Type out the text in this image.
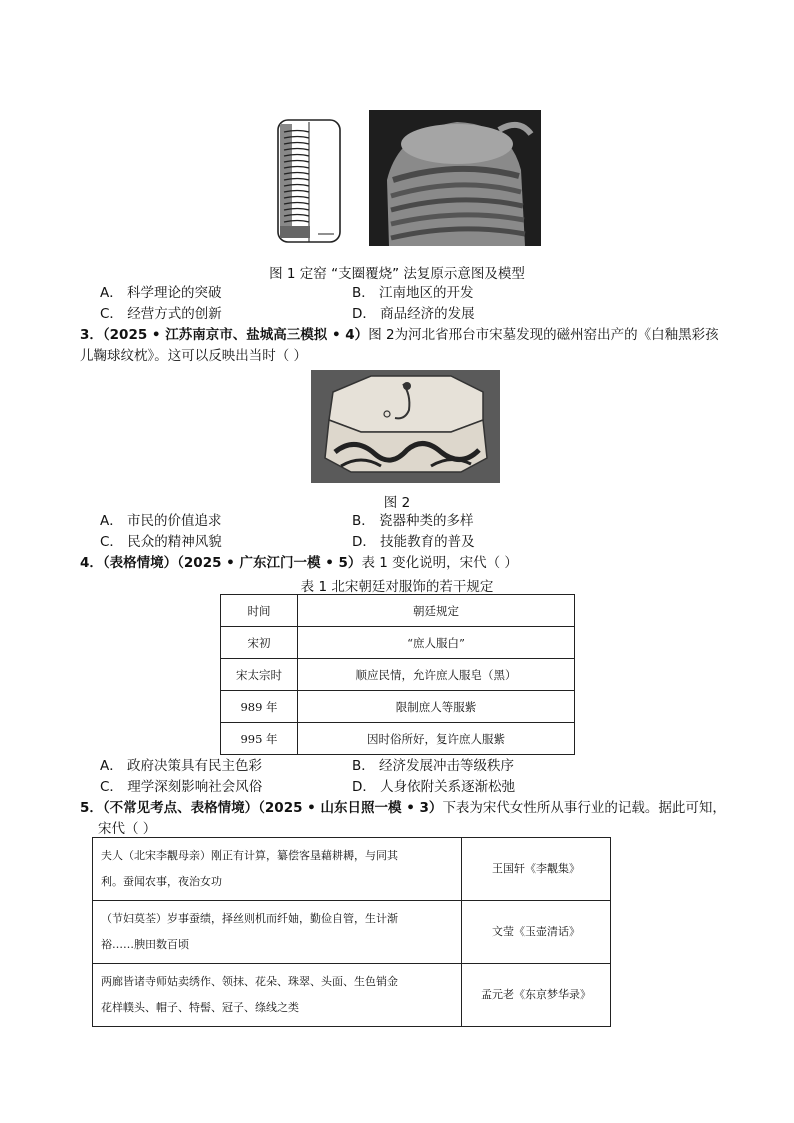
图 1 定窑 “支圈覆烧” 法复原示意图及模型
A． 科学理论的突破	B． 江南地区的开发
C． 经营方式的创新	D． 商品经济的发展
3．（2025 • 江苏南京市、盐城高三模拟 • 4）图 2为河北省邢台市宋墓发现的磁州窑出产的《白釉黑彩孩
儿鞠球纹枕》。这可以反映出当时（ ）
图 2
A． 市民的价值追求	B． 瓷器种类的多样
C． 民众的精神风貌	D． 技能教育的普及
4．（表格情境）（2025 • 广东江门一模 • 5）表 1 变化说明，宋代（ ）
表 1 北宋朝廷对服饰的若干规定
时间	朝廷规定
宋初	“庶人服白”
宋太宗时	顺应民情，允许庶人服皂（黑）
989 年	限制庶人等服紫
995 年	因时俗所好，复许庶人服紫
A． 政府决策具有民主色彩	B． 经济发展冲击等级秩序
C． 理学深刻影响社会风俗	D． 人身依附关系逐渐松弛
5．（不常见考点、表格情境）（2025 • 山东日照一模 • 3）下表为宋代女性所从事行业的记载。据此可知，
宋代（ ）
夫人（北宋李觏母亲）刚正有计算，纂偿客垦藉耕耨，与同其
利。蚕闻农事，夜治女功	王国轩《李觏集》
（节妇莫荃）岁事蚕绩，择丝则机而纤妯，勤俭自管，生计渐
裕……腴田数百顷	文莹《玉壶清话》
两廊皆诸寺师姑卖绣作、领抹、花朵、珠翠、头面、生色销金
花样幞头、帽子、特髻、冠子、绦线之类	孟元老《东京梦华录》
